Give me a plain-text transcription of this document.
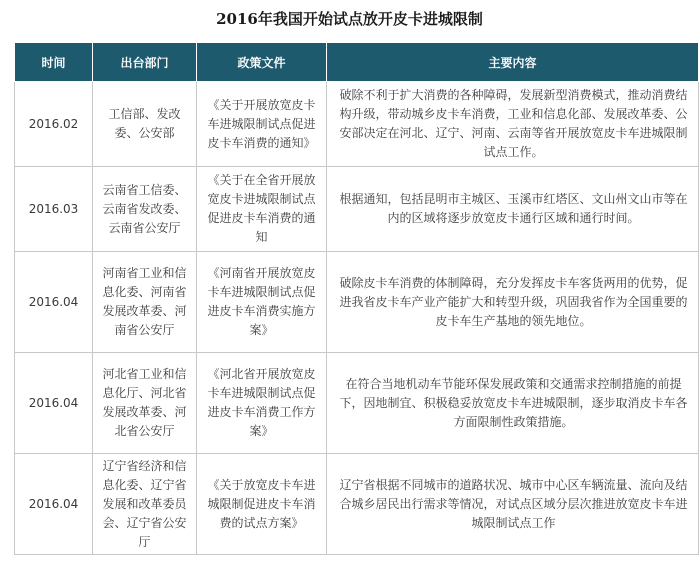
2016年我国开始试点放开皮卡进城限制
时间	出台部门	政策文件	主要内容
2016.02	工信部、发改委、公安部	《关于开展放宽皮卡车进城限制试点促进皮卡车消费的通知》	破除不利于扩大消费的各种障碍，发展新型消费模式，推动消费结构升级，带动城乡皮卡车消费，工业和信息化部、发展改革委、公安部决定在河北、辽宁、河南、云南等省开展放宽皮卡车进城限制试点工作。
2016.03	云南省工信委、云南省发改委、云南省公安厅	《关于在全省开展放宽皮卡进城限制试点促进皮卡车消费的通知	根据通知，包括昆明市主城区、玉溪市红塔区、文山州文山市等在内的区域将逐步放宽皮卡通行区域和通行时间。
2016.04	河南省工业和信息化委、河南省发展改革委、河南省公安厅	《河南省开展放宽皮卡车进城限制试点促进皮卡车消费实施方案》	破除皮卡车消费的体制障碍，充分发挥皮卡车客货两用的优势，促进我省皮卡车产业产能扩大和转型升级，巩固我省作为全国重要的皮卡车生产基地的领先地位。
2016.04	河北省工业和信息化厅、河北省发展改革委、河北省公安厅	《河北省开展放宽皮卡车进城限制试点促进皮卡车消费工作方案》	在符合当地机动车节能环保发展政策和交通需求控制措施的前提下，因地制宜、积极稳妥放宽皮卡车进城限制，逐步取消皮卡车各方面限制性政策措施。
2016.04	辽宁省经济和信息化委、辽宁省发展和改革委员会、辽宁省公安厅	《关于放宽皮卡车进城限制促进皮卡车消费的试点方案》	辽宁省根据不同城市的道路状况、城市中心区车辆流量、流向及结合城乡居民出行需求等情况，对试点区域分层次推进放宽皮卡车进城限制试点工作
